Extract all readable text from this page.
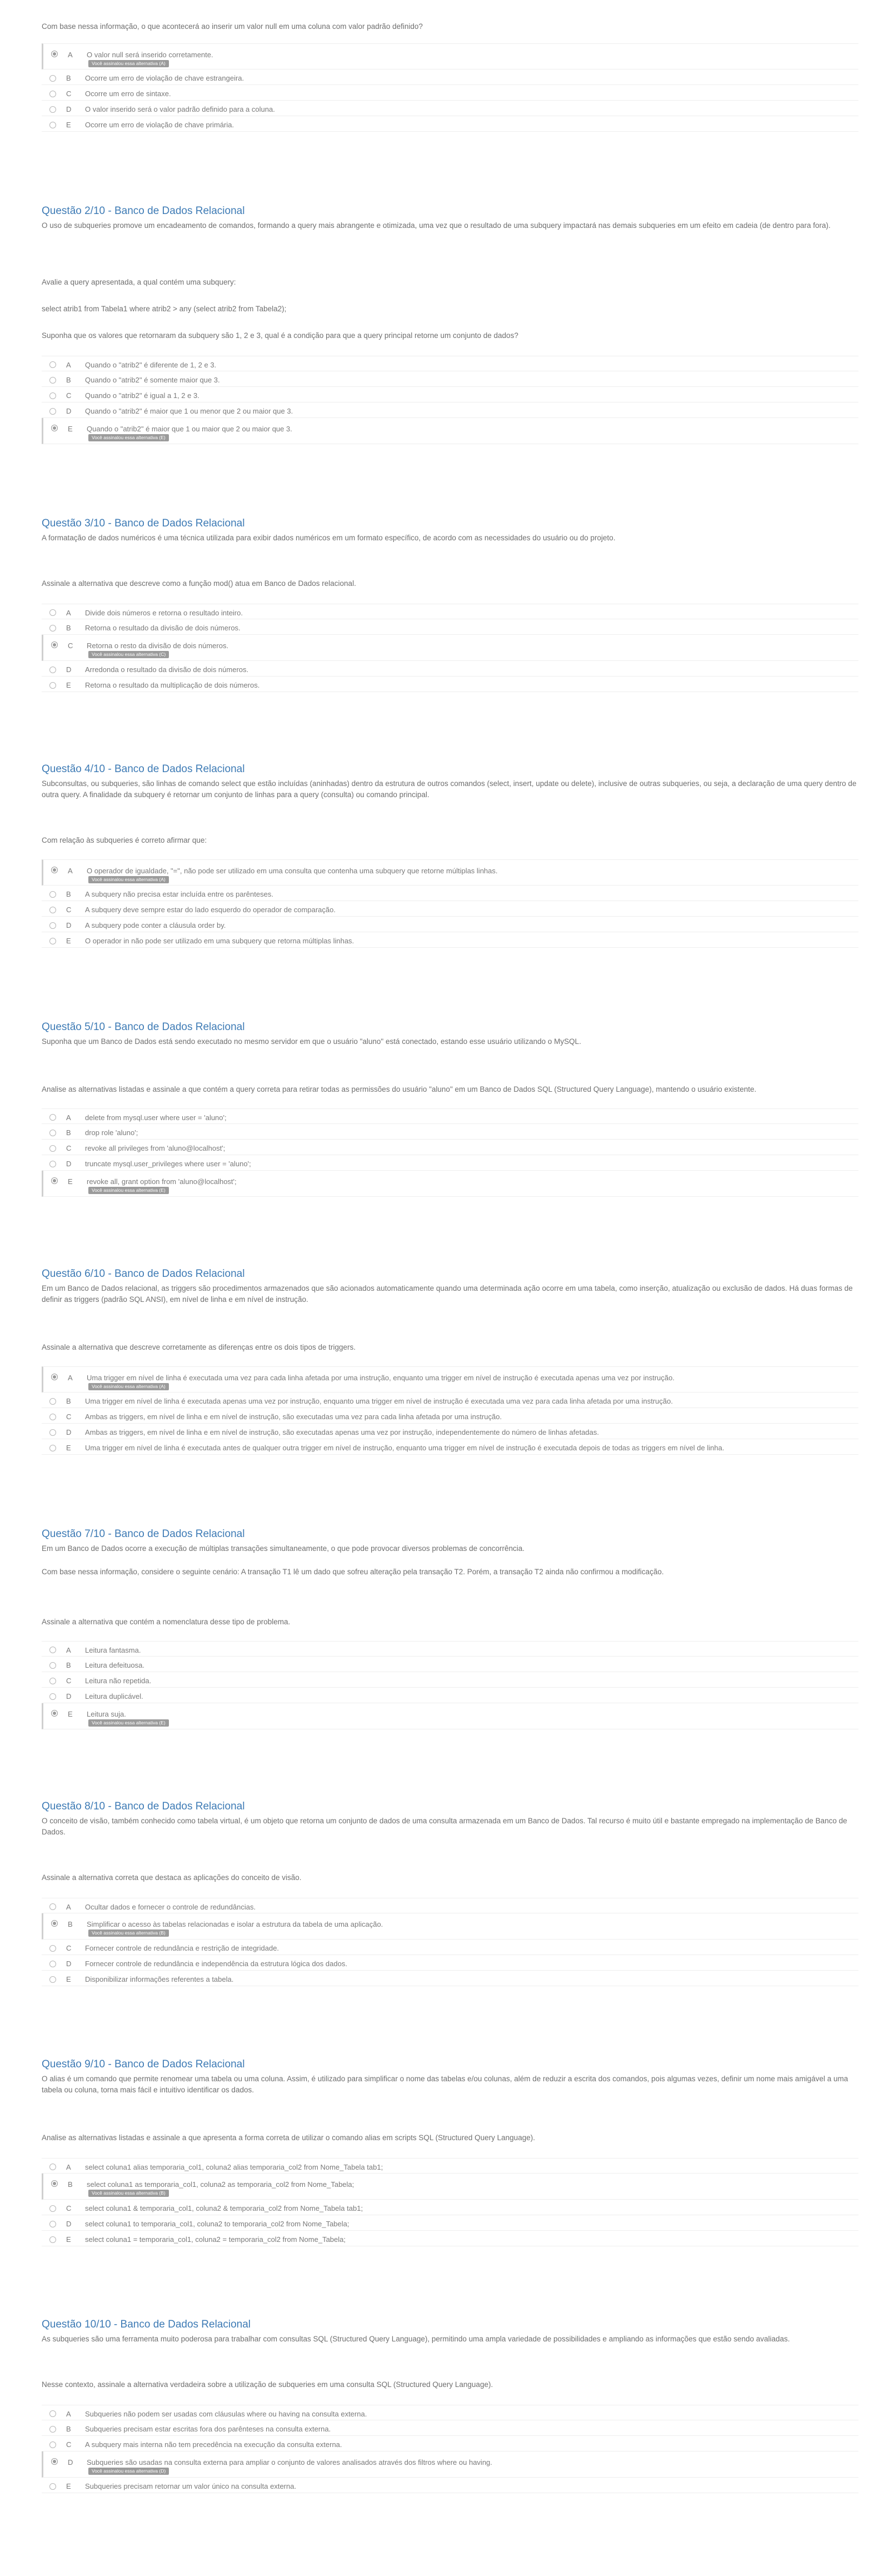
Com base nessa informação, o que acontecerá ao inserir um valor null em uma coluna com valor padrão definido?
A	O valor null será inserido corretamente.
Você assinalou essa alternativa (A)
B	Ocorre um erro de violação de chave estrangeira.
C	Ocorre um erro de sintaxe.
D	O valor inserido será o valor padrão definido para a coluna.
E	Ocorre um erro de violação de chave primária.
Questão 2/10 - Banco de Dados Relacional

O uso de subqueries promove um encadeamento de comandos, formando a query mais abrangente e otimizada, uma vez que o resultado de uma subquery impactará nas demais subqueries em um efeito em cadeia (de dentro para fora).

Avalie a query apresentada, a qual contém uma subquery:
select atrib1 from Tabela1 where atrib2 > any (select atrib2 from Tabela2);
Suponha que os valores que retornaram da subquery são 1, 2 e 3, qual é a condição para que a query principal retorne um conjunto de dados?
A	Quando o "atrib2" é diferente de 1, 2 e 3.
B	Quando o "atrib2" é somente maior que 3.
C	Quando o "atrib2" é igual a 1, 2 e 3.
D	Quando o "atrib2" é maior que 1 ou menor que 2 ou maior que 3.
E	Quando o "atrib2" é maior que 1 ou maior que 2 ou maior que 3.
Você assinalou essa alternativa (E)
Questão 3/10 - Banco de Dados Relacional

A formatação de dados numéricos é uma técnica utilizada para exibir dados numéricos em um formato específico, de acordo com as necessidades do usuário ou do projeto.

Assinale a alternativa que descreve como a função mod() atua em Banco de Dados relacional.
A	Divide dois números e retorna o resultado inteiro.
B	Retorna o resultado da divisão de dois números.
C	Retorna o resto da divisão de dois números.
Você assinalou essa alternativa (C)
D	Arredonda o resultado da divisão de dois números.
E	Retorna o resultado da multiplicação de dois números.
Questão 4/10 - Banco de Dados Relacional

Subconsultas, ou subqueries, são linhas de comando select que estão incluídas (aninhadas) dentro da estrutura de outros comandos (select, insert, update ou delete), inclusive de outras subqueries, ou seja, a declaração de uma query dentro de outra query. A finalidade da subquery é retornar um conjunto de linhas para a query (consulta) ou comando principal.

Com relação às subqueries é correto afirmar que:
A	O operador de igualdade, "=", não pode ser utilizado em uma consulta que contenha uma subquery que retorne múltiplas linhas.
Você assinalou essa alternativa (A)
B	A subquery não precisa estar incluída entre os parênteses.
C	A subquery deve sempre estar do lado esquerdo do operador de comparação.
D	A subquery pode conter a cláusula order by.
E	O operador in não pode ser utilizado em uma subquery que retorna múltiplas linhas.
Questão 5/10 - Banco de Dados Relacional

Suponha que um Banco de Dados está sendo executado no mesmo servidor em que o usuário "aluno" está conectado, estando esse usuário utilizando o MySQL.

Analise as alternativas listadas e assinale a que contém a query correta para retirar todas as permissões do usuário "aluno" em um Banco de Dados SQL (Structured Query Language), mantendo o usuário existente.
A	delete from mysql.user where user = 'aluno';
B	drop role 'aluno';
C	revoke all privileges from 'aluno@localhost';
D	truncate mysql.user_privileges where user = 'aluno';
E	revoke all, grant option from 'aluno@localhost';
Você assinalou essa alternativa (E)
Questão 6/10 - Banco de Dados Relacional

Em um Banco de Dados relacional, as triggers são procedimentos armazenados que são acionados automaticamente quando uma determinada ação ocorre em uma tabela, como inserção, atualização ou exclusão de dados. Há duas formas de definir as triggers (padrão SQL ANSI), em nível de linha e em nível de instrução.

Assinale a alternativa que descreve corretamente as diferenças entre os dois tipos de triggers.
A	Uma trigger em nível de linha é executada uma vez para cada linha afetada por uma instrução, enquanto uma trigger em nível de instrução é executada apenas uma vez por instrução.
Você assinalou essa alternativa (A)
B	Uma trigger em nível de linha é executada apenas uma vez por instrução, enquanto uma trigger em nível de instrução é executada uma vez para cada linha afetada por uma instrução.
C	Ambas as triggers, em nível de linha e em nível de instrução, são executadas uma vez para cada linha afetada por uma instrução.
D	Ambas as triggers, em nível de linha e em nível de instrução, são executadas apenas uma vez por instrução, independentemente do número de linhas afetadas.
E	Uma trigger em nível de linha é executada antes de qualquer outra trigger em nível de instrução, enquanto uma trigger em nível de instrução é executada depois de todas as triggers em nível de linha.
Questão 7/10 - Banco de Dados Relacional

Em um Banco de Dados ocorre a execução de múltiplas transações simultaneamente, o que pode provocar diversos problemas de concorrência.

Com base nessa informação, considere o seguinte cenário: A transação T1 lê um dado que sofreu alteração pela transação T2. Porém, a transação T2 ainda não confirmou a modificação.
Assinale a alternativa que contém a nomenclatura desse tipo de problema.
A	Leitura fantasma.
B	Leitura defeituosa.
C	Leitura não repetida.
D	Leitura duplicável.
E	Leitura suja.
Você assinalou essa alternativa (E)
Questão 8/10 - Banco de Dados Relacional

O conceito de visão, também conhecido como tabela virtual, é um objeto que retorna um conjunto de dados de uma consulta armazenada em um Banco de Dados. Tal recurso é muito útil e bastante empregado na implementação de Banco de Dados.

Assinale a alternativa correta que destaca as aplicações do conceito de visão.
A	Ocultar dados e fornecer o controle de redundâncias.
B	Simplificar o acesso às tabelas relacionadas e isolar a estrutura da tabela de uma aplicação.
Você assinalou essa alternativa (B)
C	Fornecer controle de redundância e restrição de integridade.
D	Fornecer controle de redundância e independência da estrutura lógica dos dados.
E	Disponibilizar informações referentes a tabela.
Questão 9/10 - Banco de Dados Relacional

O alias é um comando que permite renomear uma tabela ou uma coluna. Assim, é utilizado para simplificar o nome das tabelas e/ou colunas, além de reduzir a escrita dos comandos, pois algumas vezes, definir um nome mais amigável a uma tabela ou coluna, torna mais fácil e intuitivo identificar os dados.

Analise as alternativas listadas e assinale a que apresenta a forma correta de utilizar o comando alias em scripts SQL (Structured Query Language).
A	select coluna1 alias temporaria_col1, coluna2 alias temporaria_col2 from Nome_Tabela tab1;
B	select coluna1 as temporaria_col1, coluna2 as temporaria_col2 from Nome_Tabela;
Você assinalou essa alternativa (B)
C	select coluna1 & temporaria_col1, coluna2 & temporaria_col2 from Nome_Tabela tab1;
D	select coluna1 to temporaria_col1, coluna2 to temporaria_col2 from Nome_Tabela;
E	select coluna1 = temporaria_col1, coluna2 = temporaria_col2 from Nome_Tabela;
Questão 10/10 - Banco de Dados Relacional

As subqueries são uma ferramenta muito poderosa para trabalhar com consultas SQL (Structured Query Language), permitindo uma ampla variedade de possibilidades e ampliando as informações que estão sendo avaliadas.

Nesse contexto, assinale a alternativa verdadeira sobre a utilização de subqueries em uma consulta SQL (Structured Query Language).
A	Subqueries não podem ser usadas com cláusulas where ou having na consulta externa.
B	Subqueries precisam estar escritas fora dos parênteses na consulta externa.
C	A subquery mais interna não tem precedência na execução da consulta externa.
D	Subqueries são usadas na consulta externa para ampliar o conjunto de valores analisados através dos filtros where ou having.
Você assinalou essa alternativa (D)
E	Subqueries precisam retornar um valor único na consulta externa.
